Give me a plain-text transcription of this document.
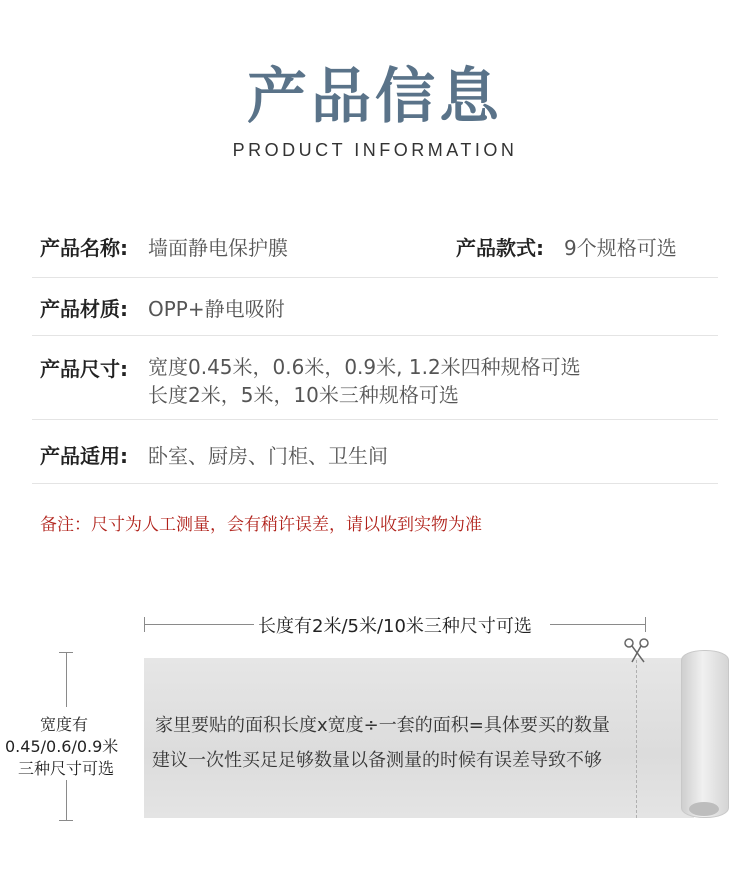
产品信息
PRODUCT INFORMATION
产品名称: 墙面静电保护膜	产品款式: 9个规格可选
产品材质: OPP+静电吸附
产品尺寸: 宽度0.45米，0.6米，0.9米, 1.2米四种规格可选
长度2米，5米，10米三种规格可选
产品适用: 卧室、厨房、门柜、卫生间
备注：尺寸为人工测量，会有稍许误差，请以收到实物为准
长度有2米/5米/10米三种尺寸可选
宽度有
0.45/0.6/0.9米
三种尺寸可选
家里要贴的面积长度x宽度÷一套的面积=具体要买的数量
建议一次性买足足够数量以备测量的时候有误差导致不够
